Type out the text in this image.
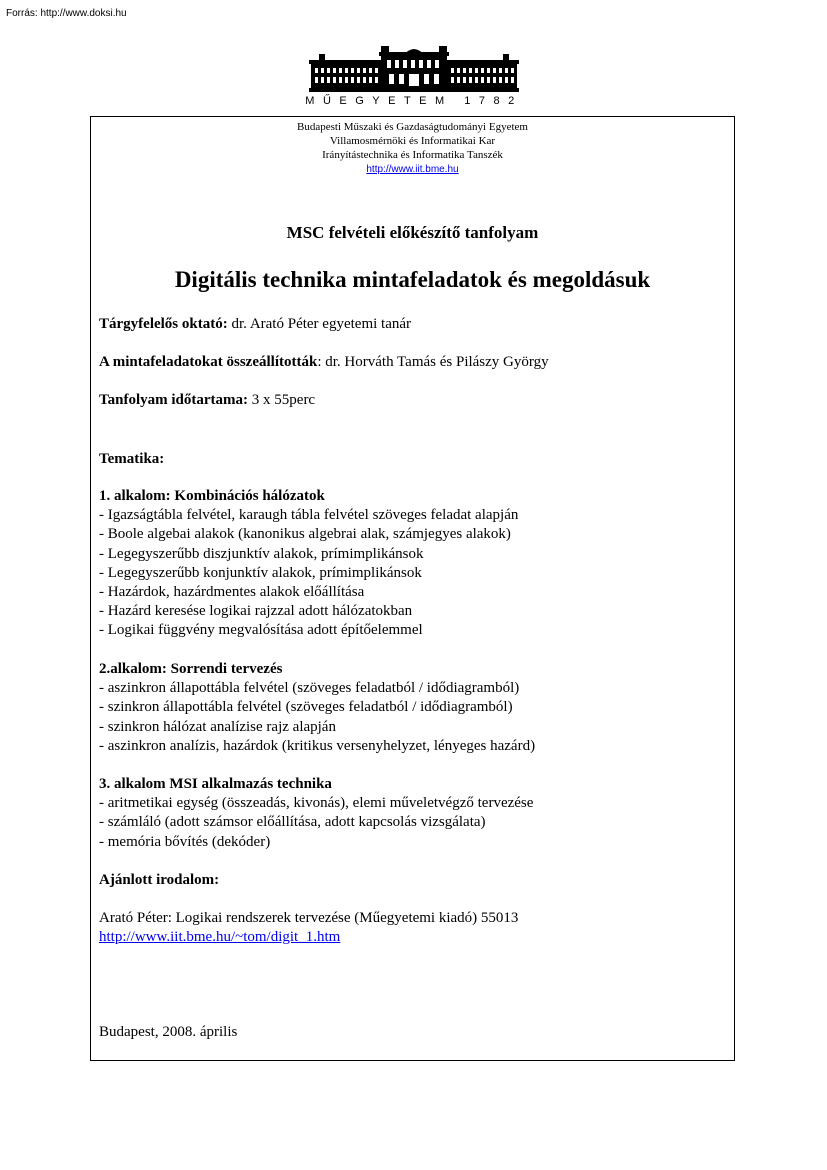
Forrás: http://www.doksi.hu
MŰEGYETEM 1782
Budapesti Műszaki és Gazdaságtudományi Egyetem
Villamosmérnöki és Informatikai Kar
Irányítástechnika és Informatika Tanszék
http://www.iit.bme.hu
MSC felvételi előkészítő tanfolyam
Digitális technika mintafeladatok és megoldásuk
Tárgyfelelős oktató: dr. Arató Péter egyetemi tanár
A mintafeladatokat összeállították: dr. Horváth Tamás és Pilászy György
Tanfolyam időtartama: 3 x 55perc
Tematika:
1. alkalom: Kombinációs hálózatok
- Igazságtábla felvétel, karaugh tábla felvétel szöveges feladat alapján
- Boole algebai alakok (kanonikus algebrai alak, számjegyes alakok)
- Legegyszerűbb diszjunktív alakok, prímimplikánsok
- Legegyszerűbb konjunktív alakok, prímimplikánsok
- Hazárdok, hazárdmentes alakok előállítása
- Hazárd keresése logikai rajzzal adott hálózatokban
- Logikai függvény megvalósítása adott építőelemmel
2.alkalom: Sorrendi tervezés
- aszinkron állapottábla felvétel (szöveges feladatból / idődiagramból)
- szinkron állapottábla felvétel (szöveges feladatból / idődiagramból)
- szinkron hálózat analízise rajz alapján
- aszinkron analízis, hazárdok (kritikus versenyhelyzet, lényeges hazárd)
3. alkalom MSI alkalmazás technika
- aritmetikai egység (összeadás, kivonás), elemi műveletvégző tervezése
- számláló (adott számsor előállítása, adott kapcsolás vizsgálata)
- memória bővítés (dekóder)
Ajánlott irodalom:
Arató Péter: Logikai rendszerek tervezése (Műegyetemi kiadó) 55013
http://www.iit.bme.hu/~tom/digit_1.htm
Budapest, 2008. április
